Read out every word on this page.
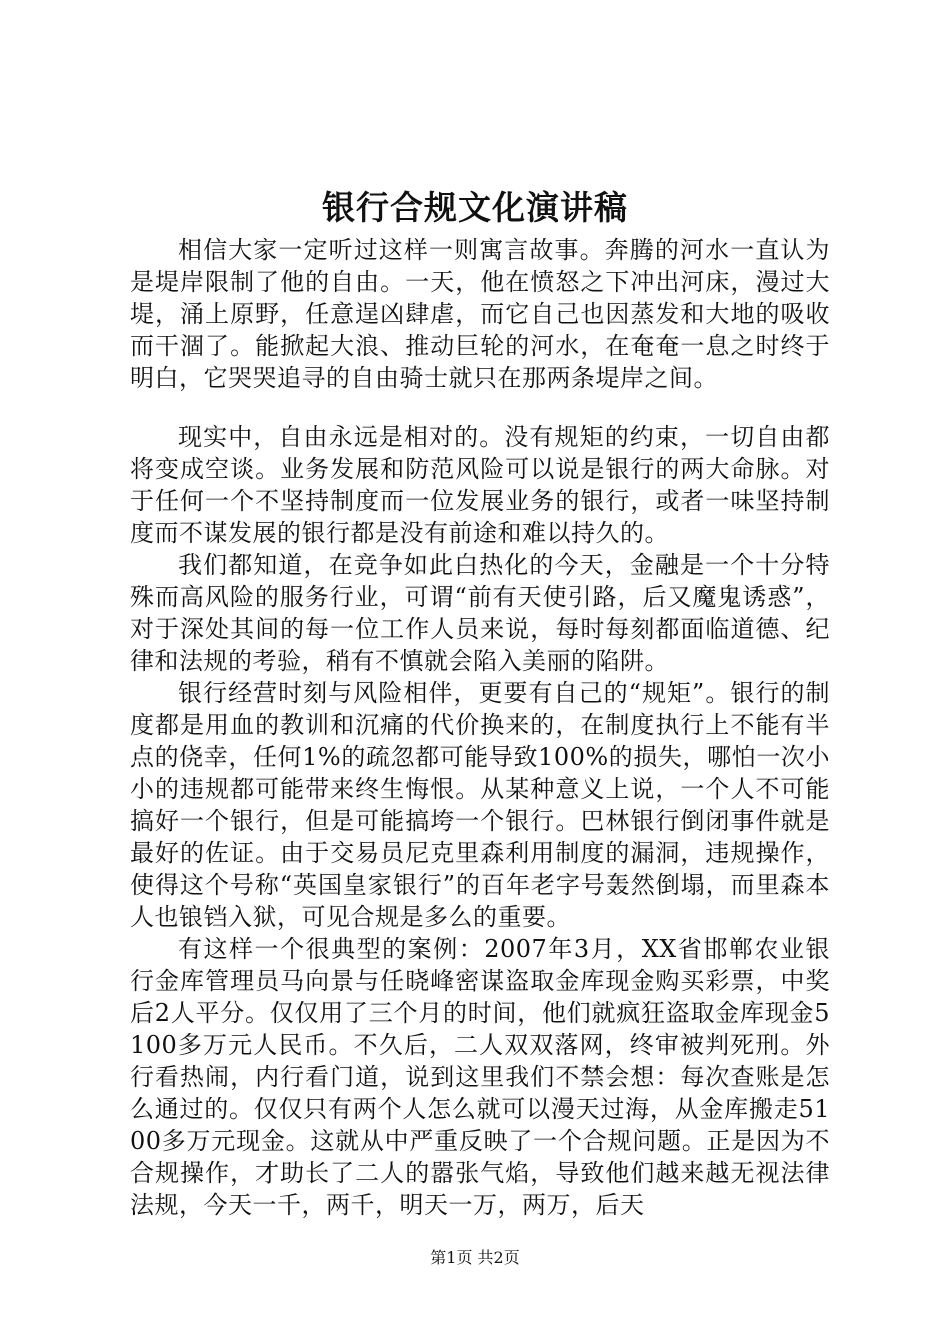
银行合规文化演讲稿

相信大家一定听过这样一则寓言故事。奔腾的河水一直认为是堤岸限制了他的自由。一天，他在愤怒之下冲出河床，漫过大堤，涌上原野，任意逞凶肆虐，而它自己也因蒸发和大地的吸收而干涸了。能掀起大浪、推动巨轮的河水，在奄奄一息之时终于明白，它哭哭追寻的自由骑士就只在那两条堤岸之间。

现实中，自由永远是相对的。没有规矩的约束，一切自由都将变成空谈。业务发展和防范风险可以说是银行的两大命脉。对于任何一个不坚持制度而一位发展业务的银行，或者一味坚持制度而不谋发展的银行都是没有前途和难以持久的。

我们都知道，在竞争如此白热化的今天，金融是一个十分特殊而高风险的服务行业，可谓“前有天使引路，后又魔鬼诱惑”，对于深处其间的每一位工作人员来说，每时每刻都面临道德、纪律和法规的考验，稍有不慎就会陷入美丽的陷阱。

银行经营时刻与风险相伴，更要有自己的“规矩”。银行的制度都是用血的教训和沉痛的代价换来的，在制度执行上不能有半点的侥幸，任何1%的疏忽都可能导致100%的损失，哪怕一次小小的违规都可能带来终生悔恨。从某种意义上说，一个人不可能搞好一个银行，但是可能搞垮一个银行。巴林银行倒闭事件就是最好的佐证。由于交易员尼克里森利用制度的漏洞，违规操作，使得这个号称“英国皇家银行”的百年老字号轰然倒塌，而里森本人也锒铛入狱，可见合规是多么的重要。

有这样一个很典型的案例：2007年3月，XX省邯郸农业银行金库管理员马向景与任晓峰密谋盗取金库现金购买彩票，中奖后2人平分。仅仅用了三个月的时间，他们就疯狂盗取金库现金5100多万元人民币。不久后，二人双双落网，终审被判死刑。外行看热闹，内行看门道，说到这里我们不禁会想：每次查账是怎么通过的。仅仅只有两个人怎么就可以漫天过海，从金库搬走5100多万元现金。这就从中严重反映了一个合规问题。正是因为不合规操作，才助长了二人的嚣张气焰，导致他们越来越无视法律法规，今天一千，两千，明天一万，两万，后天

第1页 共2页
